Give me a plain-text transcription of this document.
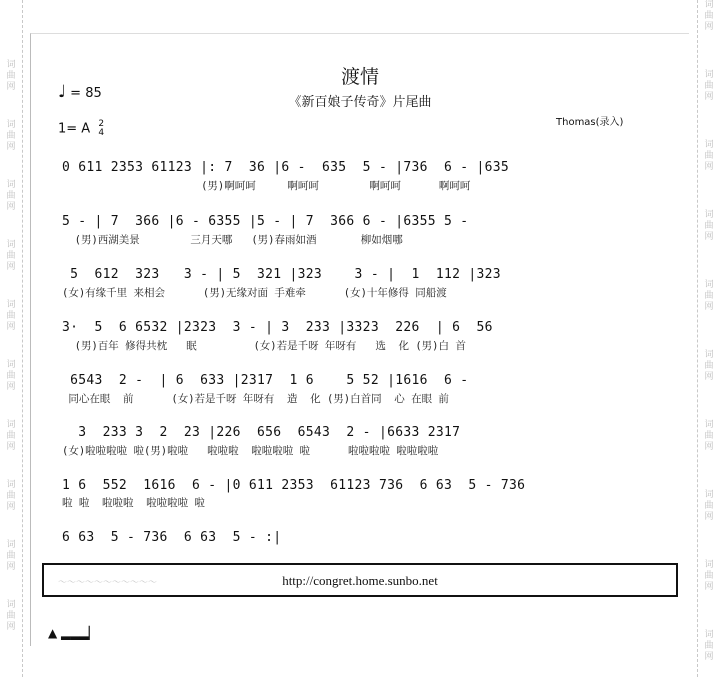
词
曲
网
词
曲
网
词
曲
网
词
曲
网
词
曲
网
词
曲
网
词
曲
网
词
曲
网
词
曲
网
词
曲
网
词
曲
网
词
曲
网
词
曲
网
词
曲
网
词
曲
网
词
曲
网
词
曲
网
词
曲
网
词
曲
网
词
曲
网
渡情
《新百娘子传奇》片尾曲
♩ = 85
1= A 2
4
Thomas(录入)
0 611 2353 61123 |: 7  36 |6 -  635  5 - |736  6 - |635
(男)啊呵呵     啊呵呵        啊呵呵      啊呵呵
5 - | 7  366 |6 - 6355 |5 - | 7  366 6 - |6355 5 -
(男)西湖美景        三月天哪   (男)春雨如酒       柳如烟哪
5  612  323   3 - | 5  321 |323    3 - |  1  112 |323
(女)有缘千里 来相会      (男)无缘对面 手难牵      (女)十年修得 同船渡
3·  5  6 6532 |2323  3 - | 3  233 |3323  226  | 6  56
(男)百年 修得共枕   眠         (女)若是千呀 年呀有   选  化 (男)白 首
6543  2 -  | 6  633 |2317  1 6    5 52 |1616  6 -
同心在眼  前      (女)若是千呀 年呀有  造  化 (男)白首同  心 在眼 前
3  233 3  2  23 |226  656  6543  2 - |6633 2317
(女)啦啦啦啦 啦(男)啦啦   啦啦啦  啦啦啦啦 啦      啦啦啦啦 啦啦啦啦
1 6  552  1616  6 - |0 611 2353  61123 736  6 63  5 - 736
啦 啦  啦啦啦  啦啦啦啦 啦
6 63  5 - 736  6 63  5 - :|
～～～～～～～～～～～	http://congret.home.sunbo.net
▲ ▂▂▂▏
